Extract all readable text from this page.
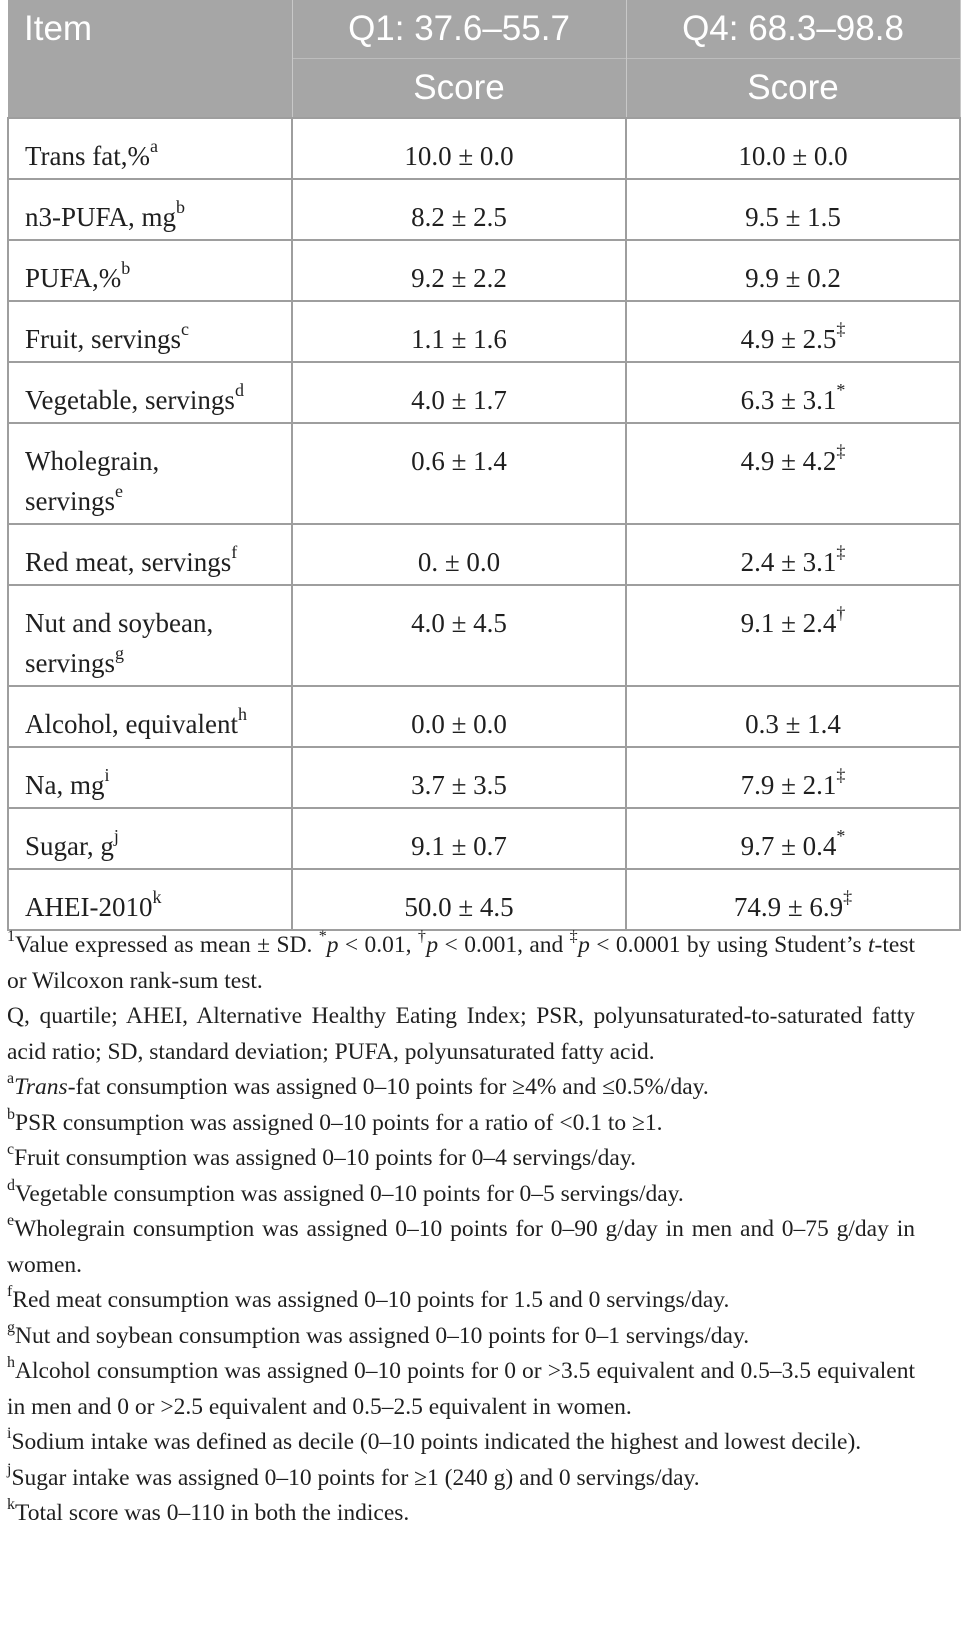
Item	Q1: 37.6–55.7	Q4: 68.3–98.8
	Score	Score
Trans fat,%$^a$	10.0 ± 0.0	10.0 ± 0.0
n3-PUFA, $mg^b$	8.2 ± 2.5	9.5 ± 1.5
PUFA,%$^b$	9.2 ± 2.2	9.9 ± 0.2
Fruit, servings$^c$	1.1 ± 1.6	4.9 ± 2.5‡
Vegetable, servings$^d$	4.0 ± 1.7	6.3 ± 3.1*
Wholegrain,
servings$^e$	0.6 ± 1.4	4.9 ± 4.2‡
Red meat, servings$^f$	0. ± 0.0	2.4 ± 3.1‡
Nut and soybean,
servings$^g$	4.0 ± 4.5	9.1 ± 2.4†
Alcohol, equivalent$^h$	0.0 ± 0.0	0.3 ± 1.4
Na, $mg^i$	3.7 ± 3.5	7.9 ± 2.1‡
Sugar, $g^j$	9.1 ± 0.7	9.7 ± 0.4*
AHEI-2010$^k$	50.0 ± 4.5	74.9 ± 6.9‡

$^1$Value expressed as mean ± SD. *p < 0.01, †p < 0.001, and ‡p < 0.0001 by using Student’s t-test or Wilcoxon rank-sum test.

Q, quartile; AHEI, Alternative Healthy Eating Index; PSR, polyunsaturated-to-saturated fatty acid ratio; SD, standard deviation; PUFA, polyunsaturated fatty acid.

$^a$Trans-fat consumption was assigned 0–10 points for ≥4% and ≤0.5%/day.

$^b$PSR consumption was assigned 0–10 points for a ratio of <0.1 to ≥1.

$^c$Fruit consumption was assigned 0–10 points for 0–4 servings/day.

$^d$Vegetable consumption was assigned 0–10 points for 0–5 servings/day.

$^e$Wholegrain consumption was assigned 0–10 points for 0–90 g/day in men and 0–75 g/day in women.

$^f$Red meat consumption was assigned 0–10 points for 1.5 and 0 servings/day.

$^g$Nut and soybean consumption was assigned 0–10 points for 0–1 servings/day.

$^h$Alcohol consumption was assigned 0–10 points for 0 or >3.5 equivalent and 0.5–3.5 equivalent in men and 0 or >2.5 equivalent and 0.5–2.5 equivalent in women.

$^i$Sodium intake was defined as decile (0–10 points indicated the highest and lowest decile).

$^j$Sugar intake was assigned 0–10 points for ≥1 (240 g) and 0 servings/day.

$^k$Total score was 0–110 in both the indices.
